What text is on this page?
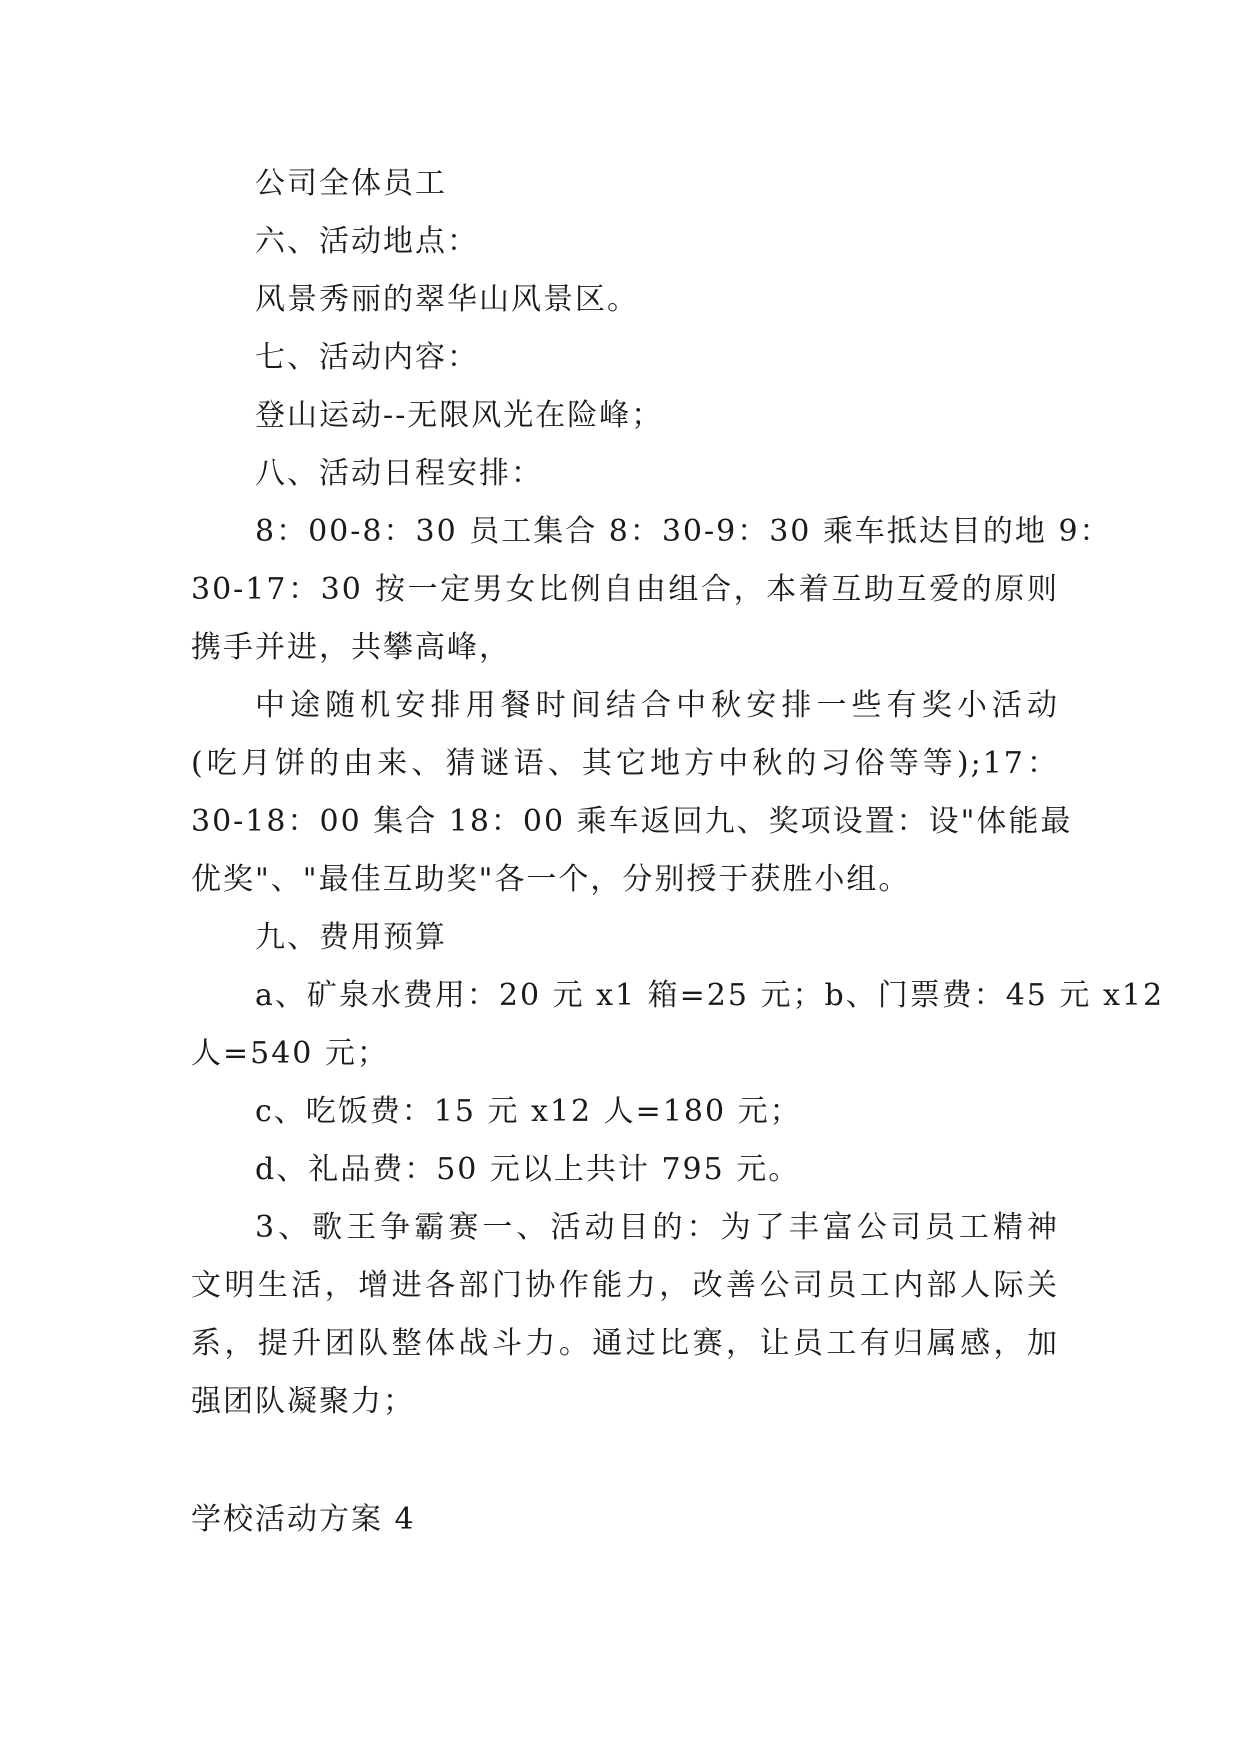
公司全体员工
六、活动地点：
风景秀丽的翠华山风景区。
七、活动内容：
登山运动--无限风光在险峰；
八、活动日程安排：
8：00-8：30 员工集合 8：30-9：30 乘车抵达目的地 9：
30-17：30 按一定男女比例自由组合，本着互助互爱的原则
携手并进，共攀高峰，
中途随机安排用餐时间结合中秋安排一些有奖小活动
(吃月饼的由来、猜谜语、其它地方中秋的习俗等等);17：
30-18：00 集合 18：00 乘车返回九、奖项设置：设"体能最
优奖"、"最佳互助奖"各一个，分别授于获胜小组。
九、费用预算
a、矿泉水费用：20 元 x1 箱=25 元；b、门票费：45 元 x12
人=540 元；
c、吃饭费：15 元 x12 人=180 元；
d、礼品费：50 元以上共计 795 元。
3、歌王争霸赛一、活动目的：为了丰富公司员工精神
文明生活，增进各部门协作能力，改善公司员工内部人际关
系，提升团队整体战斗力。通过比赛，让员工有归属感，加
强团队凝聚力；
学校活动方案 4
